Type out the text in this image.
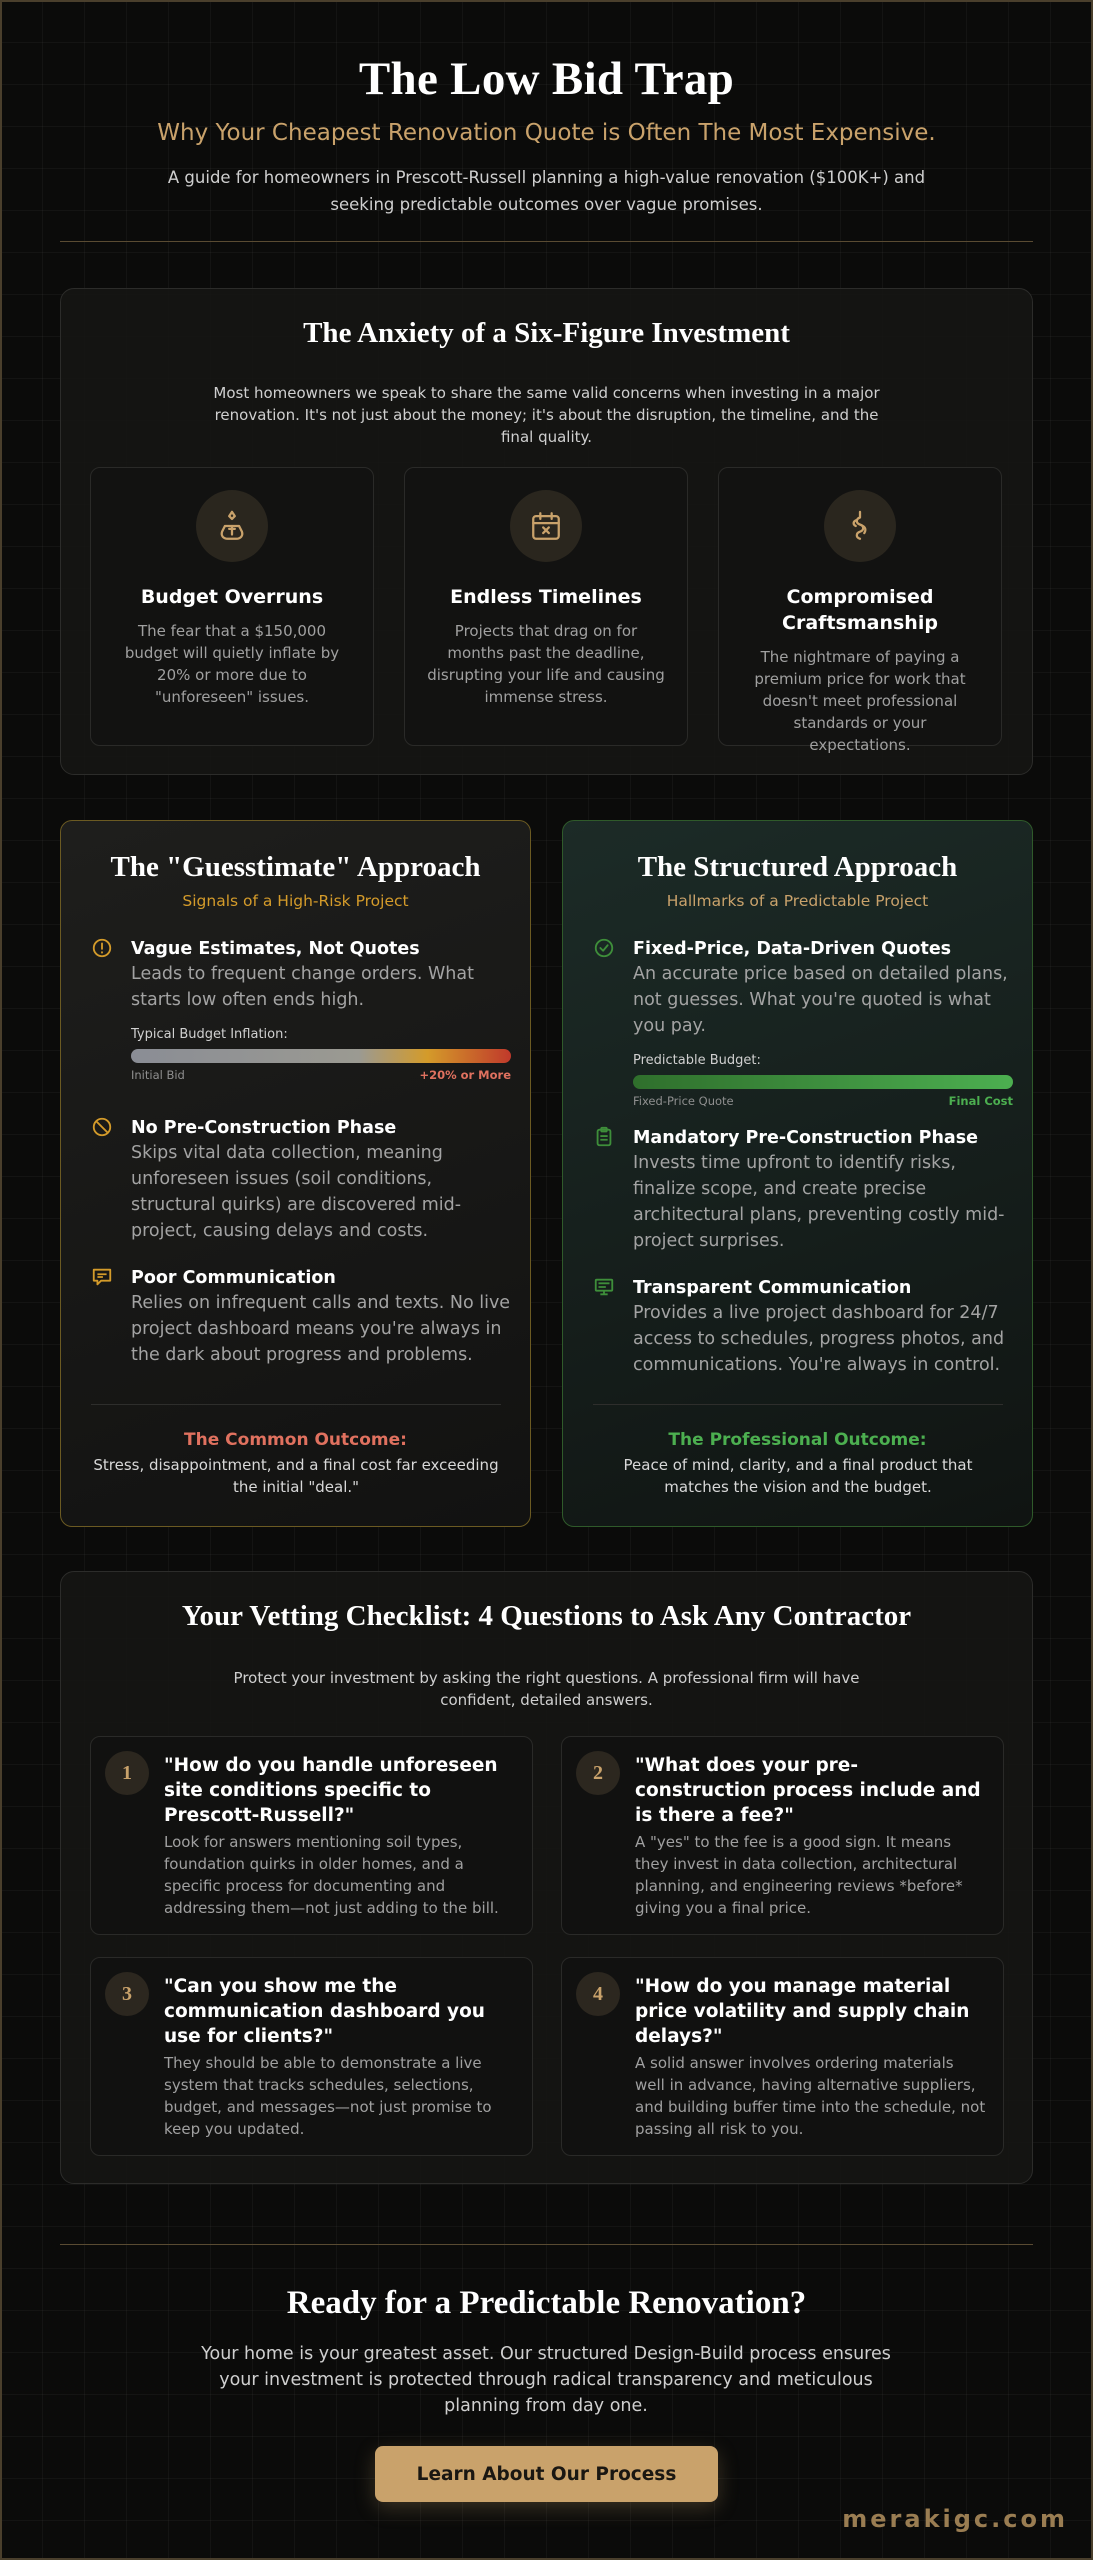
The Low Bid Trap
Why Your Cheapest Renovation Quote is Often The Most Expensive.

A guide for homeowners in Prescott-Russell planning a high-value renovation ($100K+) and seeking predictable outcomes over vague promises.

The Anxiety of a Six-Figure Investment

Most homeowners we speak to share the same valid concerns when investing in a major renovation. It's not just about the money; it's about the disruption, the timeline, and the final quality.

Budget Overruns
The fear that a $150,000 budget will quietly inflate by 20% or more due to "unforeseen" issues.
Endless Timelines
Projects that drag on for months past the deadline, disrupting your life and causing immense stress.
Compromised Craftsmanship
The nightmare of paying a premium price for work that doesn't meet professional standards or your expectations.
The "Guesstimate" Approach
Signals of a High-Risk Project
Vague Estimates, Not Quotes
Leads to frequent change orders. What starts low often ends high.
Typical Budget Inflation:
Initial Bid	+20% or More
No Pre-Construction Phase
Skips vital data collection, meaning unforeseen issues (soil conditions, structural quirks) are discovered mid-project, causing delays and costs.
Poor Communication
Relies on infrequent calls and texts. No live project dashboard means you're always in the dark about progress and problems.
The Common Outcome:
Stress, disappointment, and a final cost far exceeding the initial "deal."
The Structured Approach
Hallmarks of a Predictable Project
Fixed-Price, Data-Driven Quotes
An accurate price based on detailed plans, not guesses. What you're quoted is what you pay.
Predictable Budget:
Fixed-Price Quote	Final Cost
Mandatory Pre-Construction Phase
Invests time upfront to identify risks, finalize scope, and create precise architectural plans, preventing costly mid-project surprises.
Transparent Communication
Provides a live project dashboard for 24/7 access to schedules, progress photos, and communications. You're always in control.
The Professional Outcome:
Peace of mind, clarity, and a final product that matches the vision and the budget.
Your Vetting Checklist: 4 Questions to Ask Any Contractor

Protect your investment by asking the right questions. A professional firm will have confident, detailed answers.

1	"How do you handle unforeseen site conditions specific to Prescott-Russell?"
Look for answers mentioning soil types, foundation quirks in older homes, and a specific process for documenting and addressing them—not just adding to the bill.
2	"What does your pre-construction process include and is there a fee?"
A "yes" to the fee is a good sign. It means they invest in data collection, architectural planning, and engineering reviews *before* giving you a final price.
3	"Can you show me the communication dashboard you use for clients?"
They should be able to demonstrate a live system that tracks schedules, selections, budget, and messages—not just promise to keep you updated.
4	"How do you manage material price volatility and supply chain delays?"
A solid answer involves ordering materials well in advance, having alternative suppliers, and building buffer time into the schedule, not passing all risk to you.
Ready for a Predictable Renovation?

Your home is your greatest asset. Our structured Design-Build process ensures your investment is protected through radical transparency and meticulous planning from day one.

Learn About Our Process
merakigc.com
